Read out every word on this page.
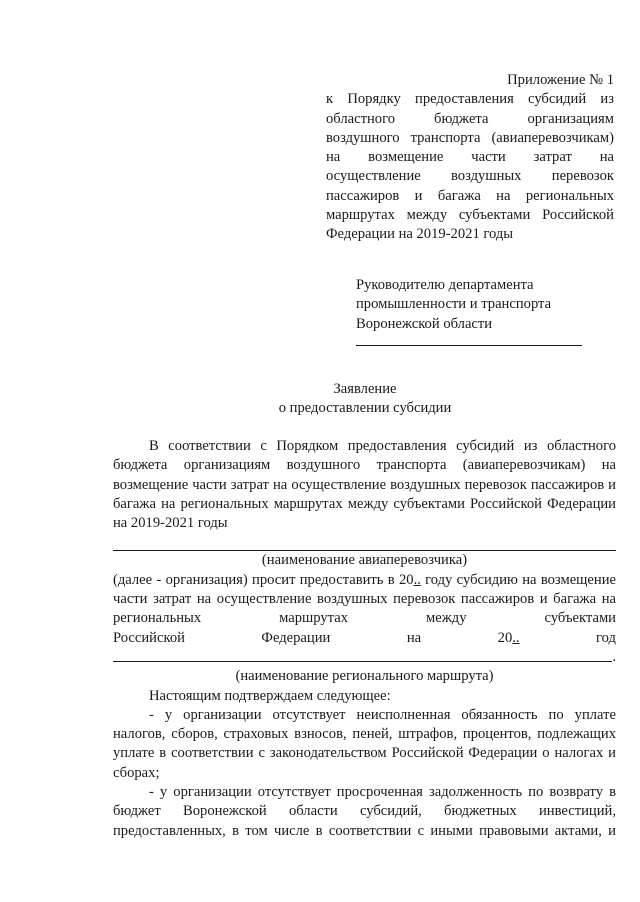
Приложение № 1
к Порядку предоставления субсидий из областного бюджета организациям воздушного транспорта (авиаперевозчикам) на возмещение части затрат на осуществление воздушных перевозок пассажиров и багажа на региональных маршрутах между субъектами Российской Федерации на 2019-2021 годы
Руководителю департамента
промышленности и транспорта
Воронежской области
Заявление
о предоставлении субсидии

В соответствии с Порядком предоставления субсидий из областного бюджета организациям воздушного транспорта (авиаперевозчикам) на возмещение части затрат на осуществление воздушных перевозок пассажиров и багажа на региональных маршрутах между субъектами Российской Федерации на 2019-2021 годы

(наименование авиаперевозчика)

(далее - организация) просит предоставить в 20.. году субсидию на возмещение части затрат на осуществление воздушных перевозок пассажиров и багажа на региональных маршрутах между субъектами

Российской	Федерации	на	20..	год
.
(наименование регионального маршрута)

Настоящим подтверждаем следующее:

- у организации отсутствует неисполненная обязанность по уплате налогов, сборов, страховых взносов, пеней, штрафов, процентов, подлежащих уплате в соответствии с законодательством Российской Федерации о налогах и сборах;

- у организации отсутствует просроченная задолженность по возврату в бюджет Воронежской области субсидий, бюджетных инвестиций, предоставленных, в том числе в соответствии с иными правовыми актами, и
